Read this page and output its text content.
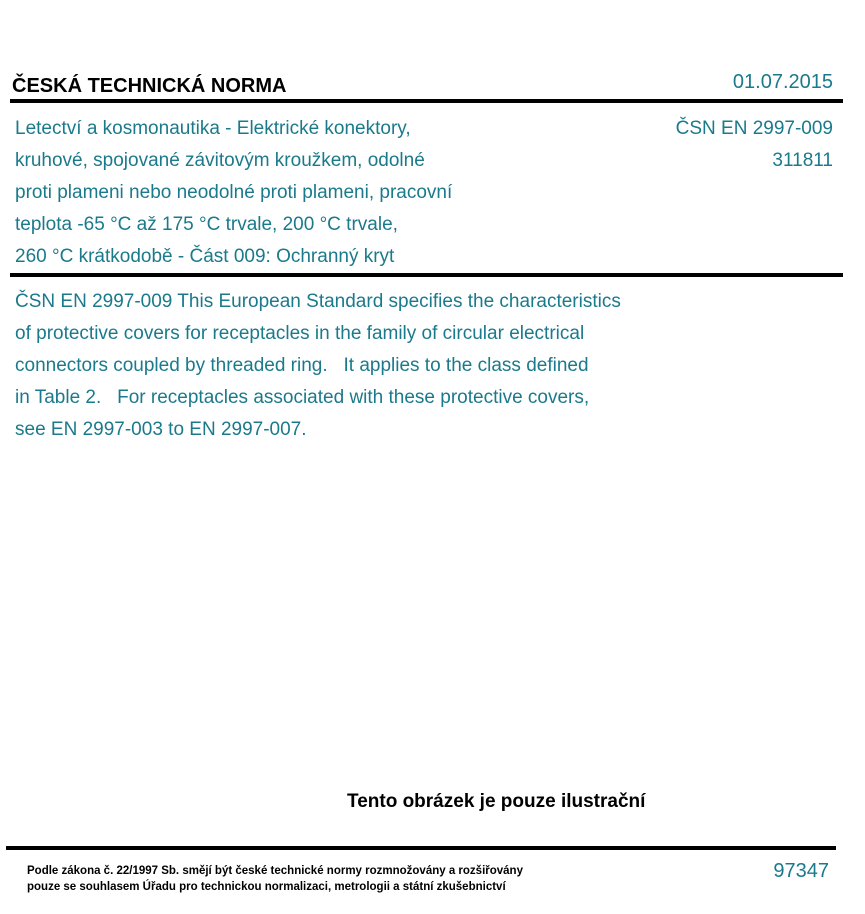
ČESKÁ TECHNICKÁ NORMA	01.07.2015
Letectví a kosmonautika - Elektrické konektory,
kruhové, spojované závitovým kroužkem, odolné
proti plameni nebo neodolné proti plameni, pracovní
teplota -65 °C až 175 °C trvale, 200 °C trvale,
260 °C krátkodobě - Část 009: Ochranný kryt
ČSN EN 2997-009
311811
ČSN EN 2997-009 This European Standard specifies the characteristics
of protective covers for receptacles in the family of circular electrical
connectors coupled by threaded ring.   It applies to the class defined
in Table 2.   For receptacles associated with these protective covers,
see EN 2997-003 to EN 2997-007.
Tento obrázek je pouze ilustrační
Podle zákona č. 22/1997 Sb. smějí být české technické normy rozmnožovány a rozšiřovány
pouze se souhlasem Úřadu pro technickou normalizaci, metrologii a státní zkušebnictví
97347
